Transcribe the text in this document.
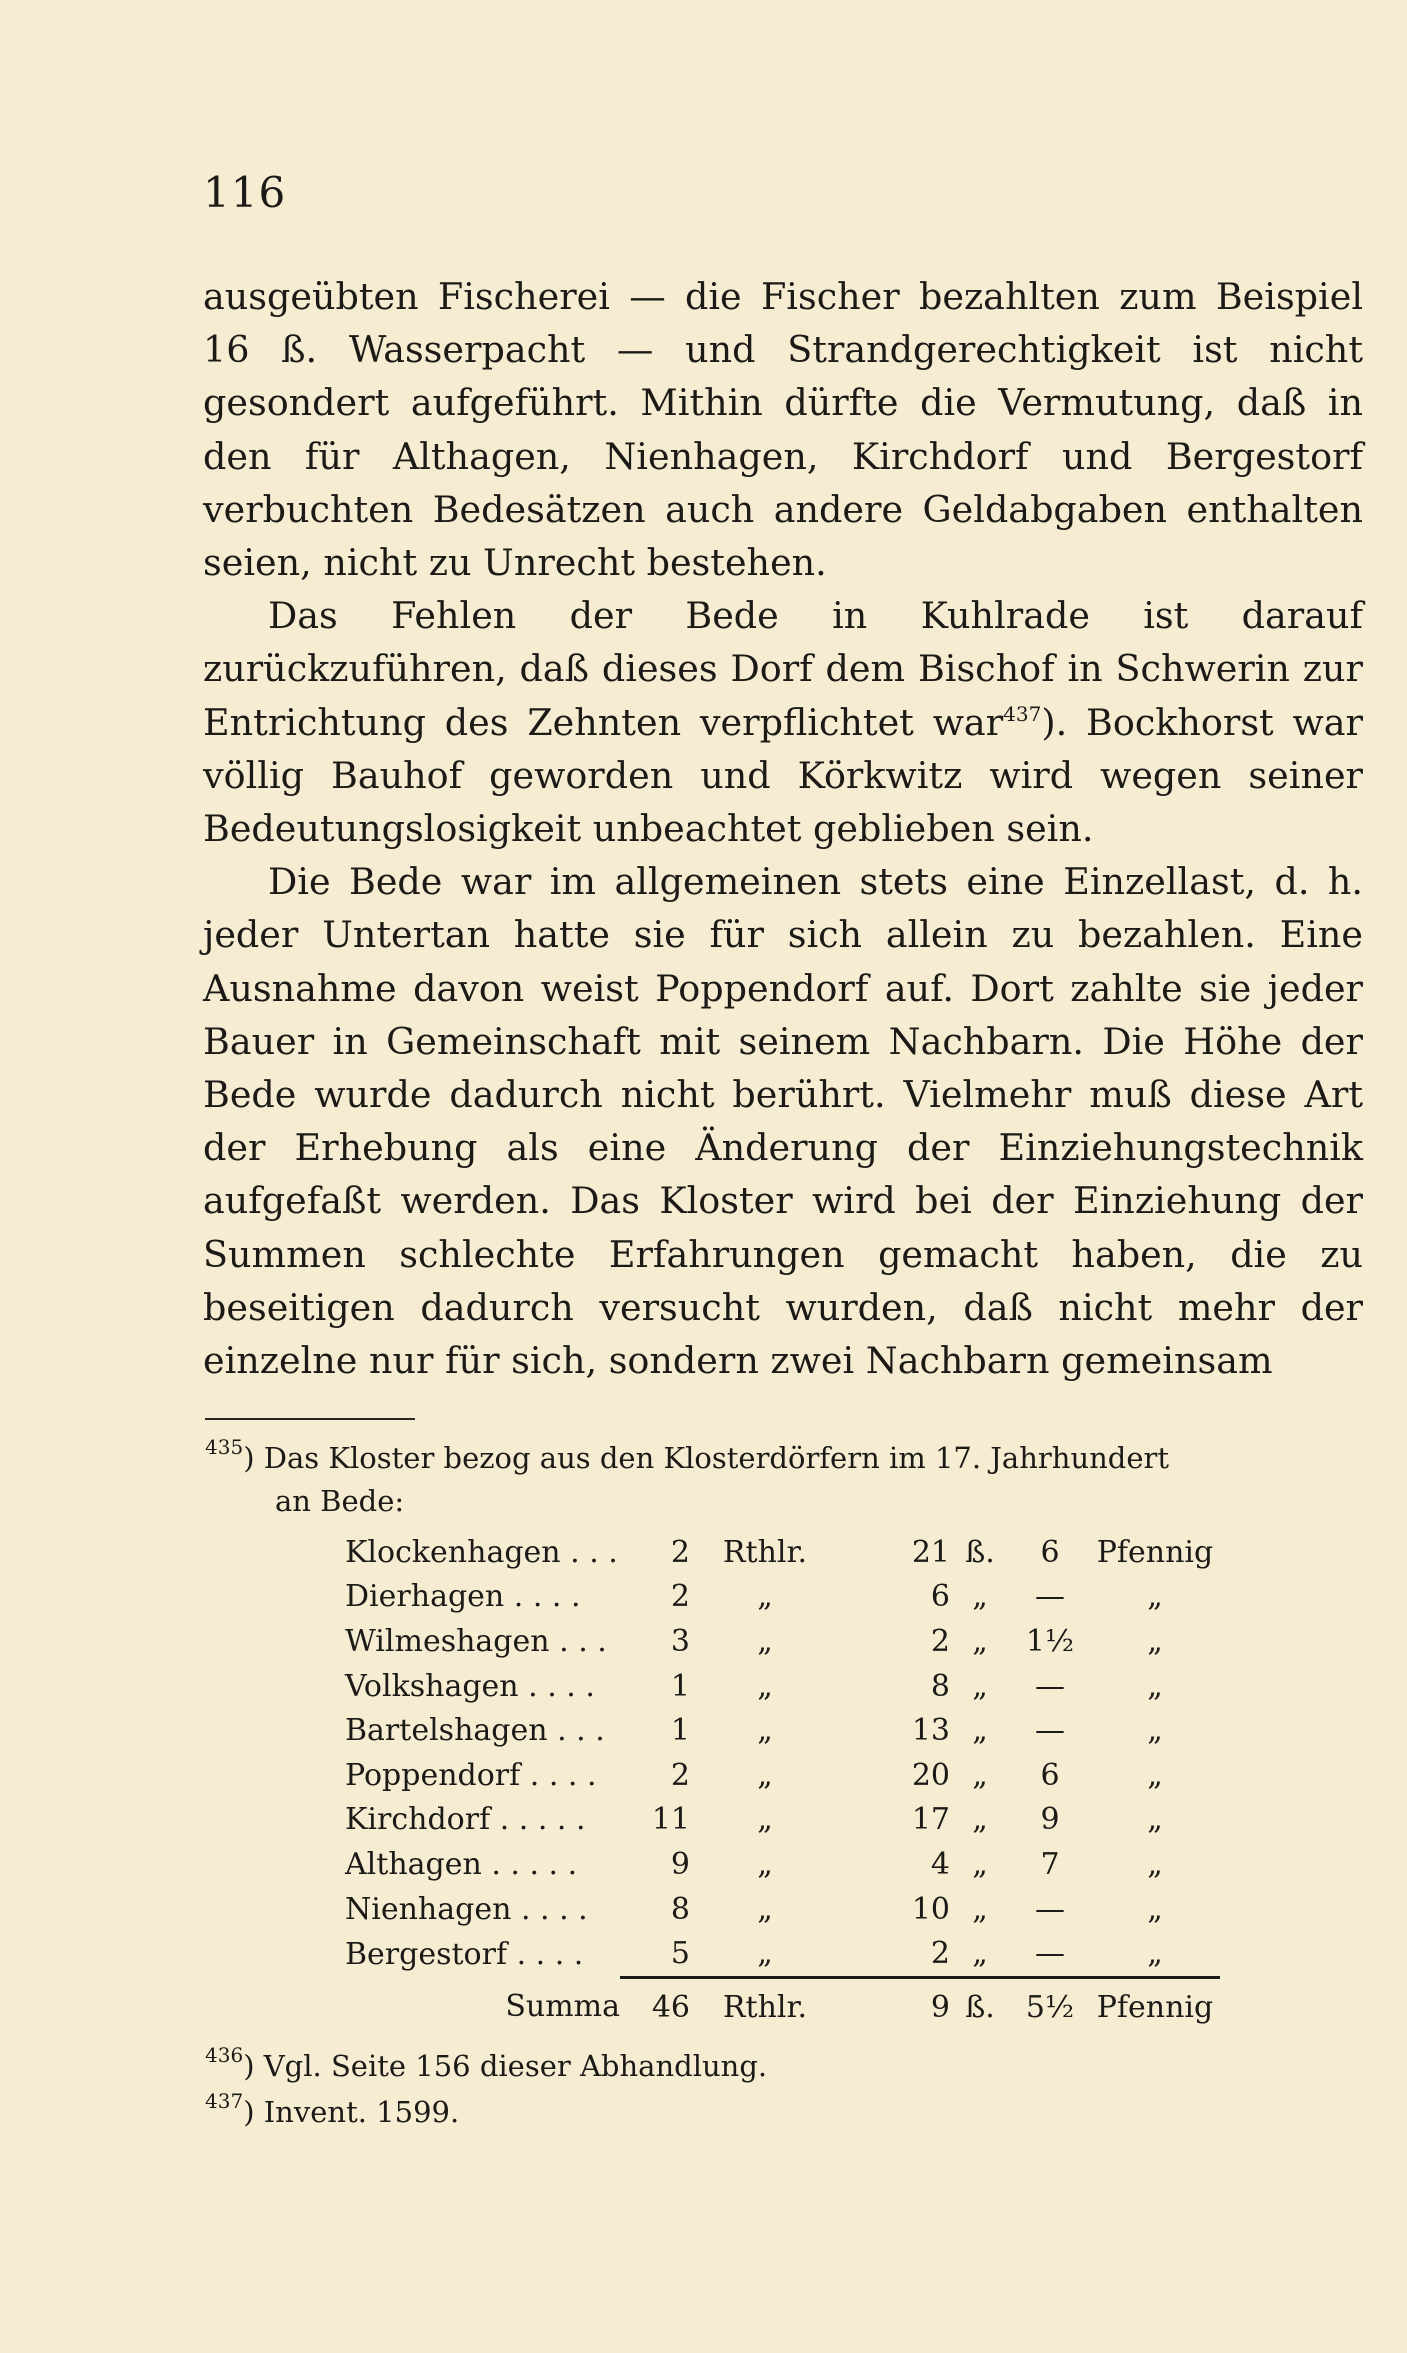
116

ausgeübten Fischerei — die Fischer bezahlten zum Beispiel 16 ß. Wasserpacht — und Strandgerechtigkeit ist nicht gesondert aufgeführt. Mithin dürfte die Vermutung, daß in den für Althagen, Nienhagen, Kirchdorf und Bergestorf verbuchten Bedesätzen auch andere Geldabgaben enthalten seien, nicht zu Unrecht bestehen.

Das Fehlen der Bede in Kuhlrade ist darauf zurückzuführen, daß dieses Dorf dem Bischof in Schwerin zur Entrichtung des Zehnten verpflichtet war$^{437}$). Bockhorst war völlig Bauhof geworden und Körkwitz wird wegen seiner Bedeutungslosigkeit unbeachtet geblieben sein.

Die Bede war im allgemeinen stets eine Einzellast, d. h. jeder Untertan hatte sie für sich allein zu bezahlen. Eine Ausnahme davon weist Poppendorf auf. Dort zahlte sie jeder Bauer in Gemeinschaft mit seinem Nachbarn. Die Höhe der Bede wurde dadurch nicht berührt. Vielmehr muß diese Art der Erhebung als eine Änderung der Einziehungstechnik aufgefaßt werden. Das Kloster wird bei der Einziehung der Summen schlechte Erfahrungen gemacht haben, die zu beseitigen dadurch versucht wurden, daß nicht mehr der einzelne nur für sich, sondern zwei Nachbarn gemeinsam

$^{435}$) Das Kloster bezog aus den Klosterdörfern im 17. Jahrhundert
an Bede:
Klockenhagen . . .	2	Rthlr.	21	ß.	6	Pfennig
Dierhagen . . . .	2	„	6	„	—	„
Wilmeshagen . . .	3	„	2	„	1½	„
Volkshagen . . . .	1	„	8	„	—	„
Bartelshagen . . .	1	„	13	„	—	„
Poppendorf . . . .	2	„	20	„	6	„
Kirchdorf . . . . .	11	„	17	„	9	„
Althagen . . . . .	9	„	4	„	7	„
Nienhagen . . . .	8	„	10	„	—	„
Bergestorf . . . .	5	„	2	„	—	„
Summa	46	Rthlr.	9	ß.	5½	Pfennig
$^{436}$) Vgl. Seite 156 dieser Abhandlung.
$^{437}$) Invent. 1599.
